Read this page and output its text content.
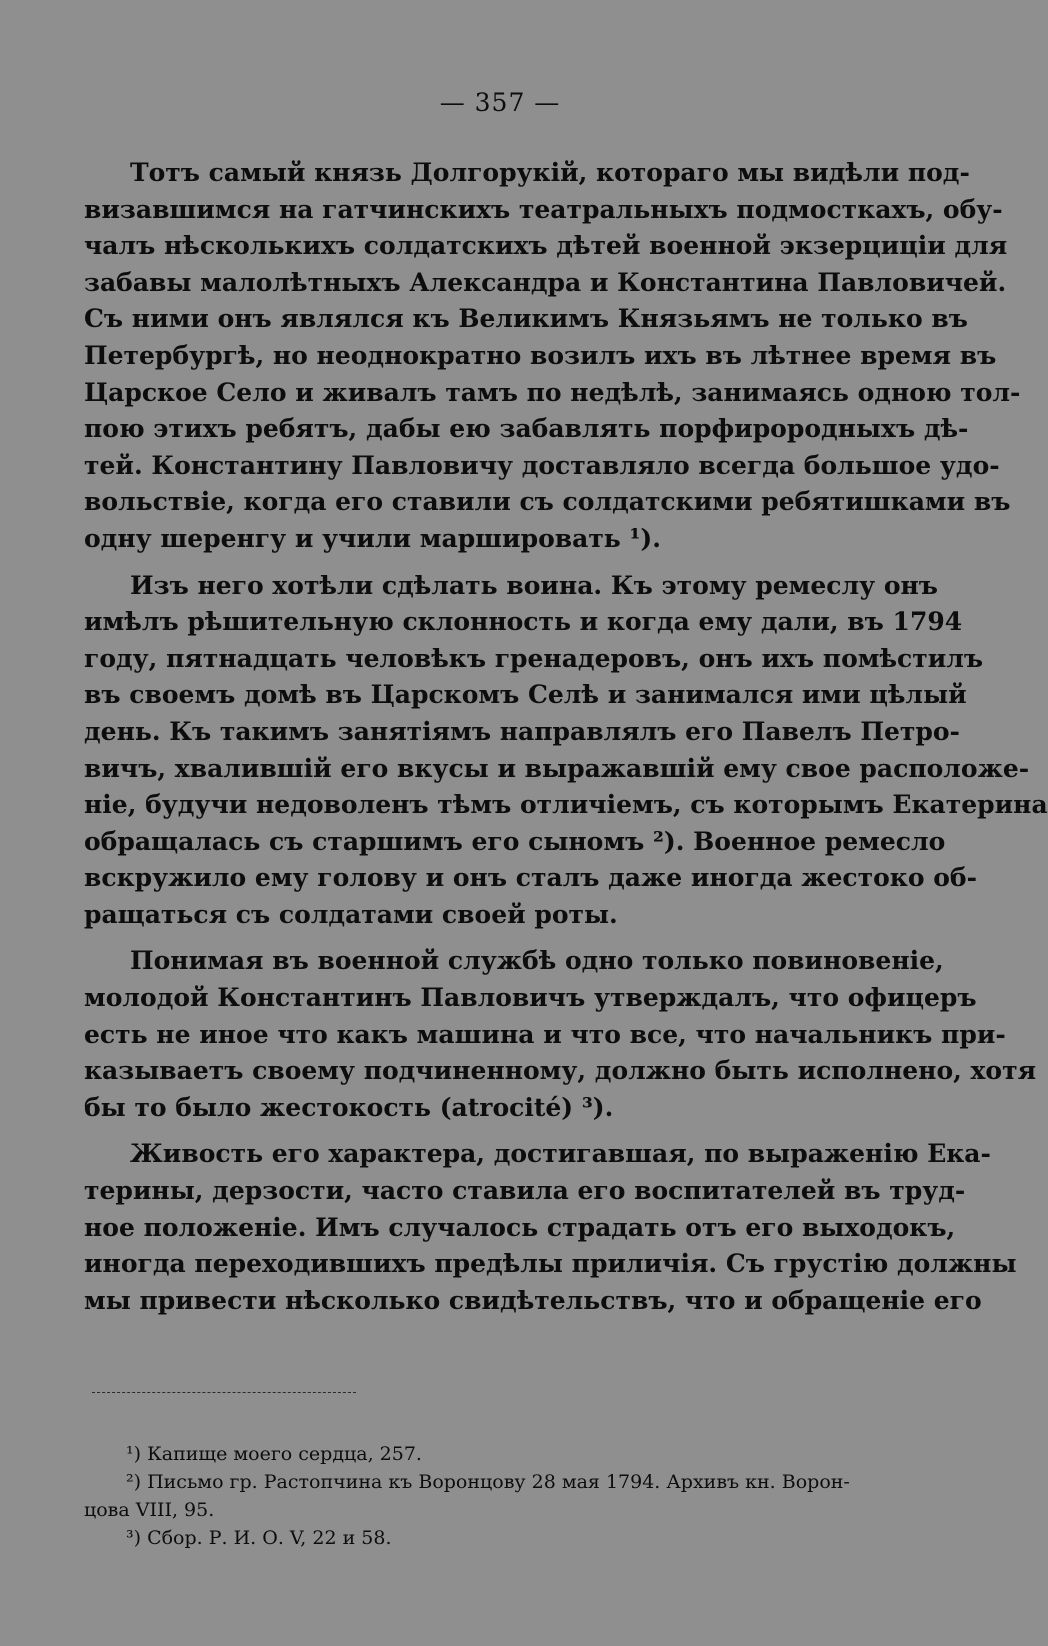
— 357 —
Тотъ самый князь Долгорукій, котораго мы видѣли под-
визавшимся на гатчинскихъ театральныхъ подмосткахъ, обу-
чалъ нѣсколькихъ солдатскихъ дѣтей военной экзерциціи для
забавы малолѣтныхъ Александра и Константина Павловичей.
Съ ними онъ являлся къ Великимъ Князьямъ не только въ
Петербургѣ, но неоднократно возилъ ихъ въ лѣтнее время въ
Царское Село и живалъ тамъ по недѣлѣ, занимаясь одною тол-
пою этихъ ребятъ, дабы ею забавлять порфирородныхъ дѣ-
тей. Константину Павловичу доставляло всегда большое удо-
вольствіе, когда его ставили съ солдатскими ребятишками въ
одну шеренгу и учили маршировать ¹).
Изъ него хотѣли сдѣлать воина. Къ этому ремеслу онъ
имѣлъ рѣшительную склонность и когда ему дали, въ 1794
году, пятнадцать человѣкъ гренадеровъ, онъ ихъ помѣстилъ
въ своемъ домѣ въ Царскомъ Селѣ и занимался ими цѣлый
день. Къ такимъ занятіямъ направлялъ его Павелъ Петро-
вичъ, хвалившій его вкусы и выражавшій ему свое расположе-
ніе, будучи недоволенъ тѣмъ отличіемъ, съ которымъ Екатерина
обращалась съ старшимъ его сыномъ ²). Военное ремесло
вскружило ему голову и онъ сталъ даже иногда жестоко об-
ращаться съ солдатами своей роты.
Понимая въ военной службѣ одно только повиновеніе,
молодой Константинъ Павловичъ утверждалъ, что офицеръ
есть не иное что какъ машина и что все, что начальникъ при-
казываетъ своему подчиненному, должно быть исполнено, хотя
бы то было жестокость (atrocité) ³).
Живость его характера, достигавшая, по выраженію Ека-
терины, дерзости, часто ставила его воспитателей въ труд-
ное положеніе. Имъ случалось страдать отъ его выходокъ,
иногда переходившихъ предѣлы приличія. Съ грустію должны
мы привести нѣсколько свидѣтельствъ, что и обращеніе его
¹) Капище моего сердца, 257.
²) Письмо гр. Растопчина къ Воронцову 28 мая 1794. Архивъ кн. Ворон-
цова VIII, 95.
³) Сбор. Р. И. О. V, 22 и 58.
